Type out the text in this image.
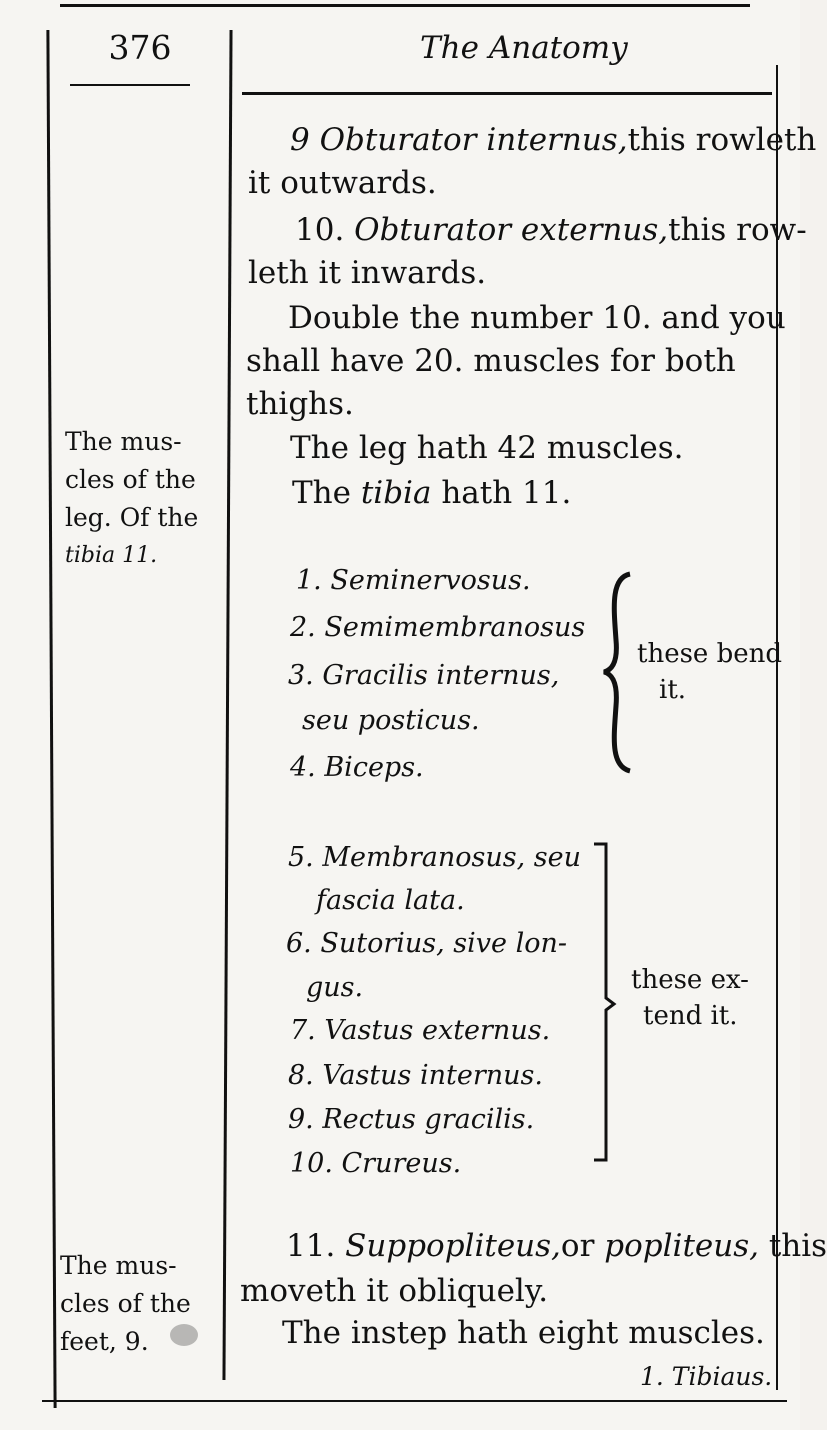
376	The Anatomy
9 Obturator internus,this rowleth
it outwards.
10. Obturator externus,this row-
leth it inwards.
Double the number 10. and you
shall have 20. muscles for both
thighs.
The leg hath 42 muscles.
The tibia hath 11.
The mus-
cles of the
leg. Of the
tibia 11.
1. Seminervosus.
2. Semimembranosus
3. Gracilis internus,
seu posticus.
4. Biceps.
these bend
it.
5. Membranosus, seu
fascia lata.
6. Sutorius, sive lon-
gus.
7. Vastus externus.
8. Vastus internus.
9. Rectus gracilis.
10. Crureus.
these ex-
tend it.
The mus-
cles of the
feet, 9.
11. Suppopliteus,or popliteus, this
moveth it obliquely.
The instep hath eight muscles.
1. Tibiaus.
